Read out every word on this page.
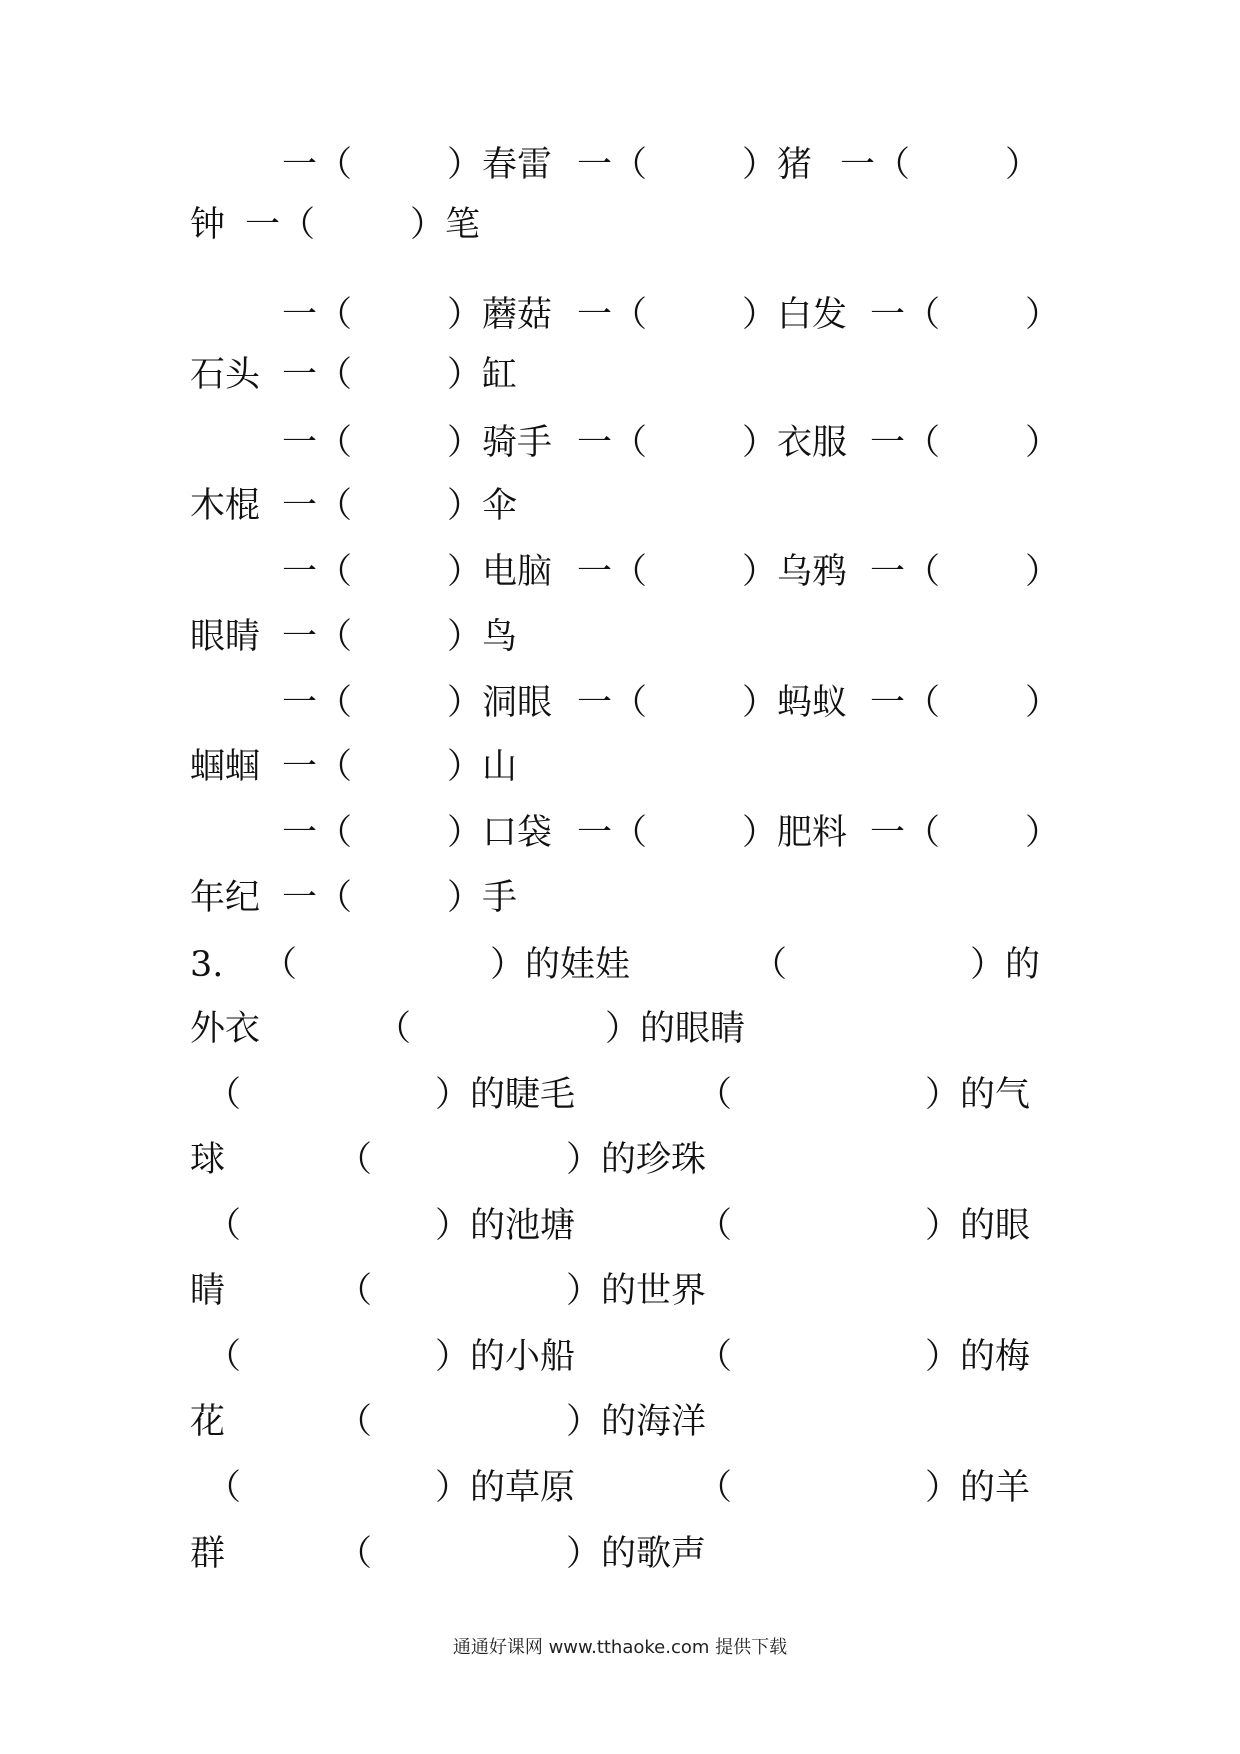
一（	）春雷 一（	）猪 一（	）
钟 一（	）笔
一（	）蘑菇 一（	）白发 一（ ）
石头 一（	）缸
一（	）骑手 一（	）衣服 一（ ）
木棍 一（	）伞
一（	）电脑 一（	）乌鸦 一（ ）
眼睛 一（	）鸟
一（	）洞眼 一（	）蚂蚁 一（ ）
蝈蝈 一（	）山
一（	）口袋 一（	）肥料 一（ ）
年纪 一（	）手
3. （	）的娃娃	（	）的
外衣	（	）的眼睛
（	）的睫毛	（	）的气
球	（	）的珍珠
（	）的池塘	（	）的眼
睛	（	）的世界
（	）的小船	（	）的梅
花	（	）的海洋
（	）的草原	（	）的羊
群	（	）的歌声
通通好课网 www.tthaoke.com 提供下载
